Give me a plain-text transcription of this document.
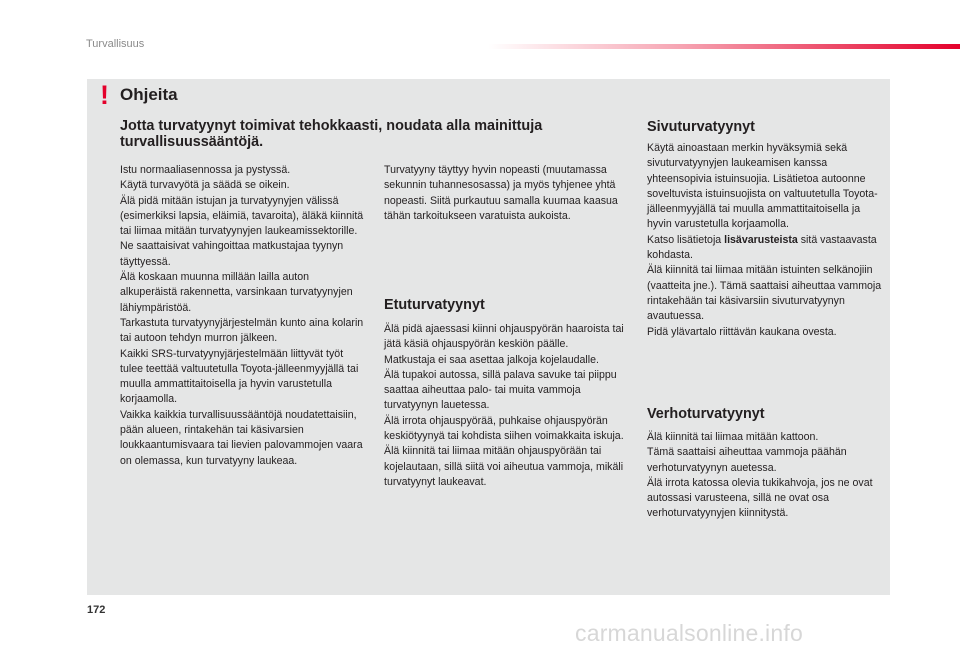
Turvallisuus
! Ohjeita
Jotta turvatyynyt toimivat tehokkaasti, noudata alla mainittuja turvallisuussääntöjä.
Istu normaaliasennossa ja pystyssä.
Käytä turvavyötä ja säädä se oikein.
Älä pidä mitään istujan ja turvatyynyjen välissä (esimerkiksi lapsia, eläimiä, tavaroita), äläkä kiinnitä tai liimaa mitään turvatyynyjen laukeamissektorille.
Ne saattaisivat vahingoittaa matkustajaa tyynyn täyttyessä.
Älä koskaan muunna millään lailla auton alkuperäistä rakennetta, varsinkaan turvatyynyjen lähiympäristöä.
Tarkastuta turvatyynyjärjestelmän kunto aina kolarin tai autoon tehdyn murron jälkeen.
Kaikki SRS-turvatyynyjärjestelmään liittyvät työt tulee teettää valtuutetulla Toyota-jälleenmyyjällä tai muulla ammattitaitoisella ja hyvin varustetulla korjaamolla.
Vaikka kaikkia turvallisuussääntöjä noudatettaisiin, pään alueen, rintakehän tai käsivarsien loukkaantumisvaara tai lievien palovammojen vaara on olemassa, kun turvatyyny laukeaa.
Turvatyyny täyttyy hyvin nopeasti (muutamassa sekunnin tuhannesosassa) ja myös tyhjenee yhtä nopeasti. Siitä purkautuu samalla kuumaa kaasua tähän tarkoitukseen varatuista aukoista.
Etuturvatyynyt
Älä pidä ajaessasi kiinni ohjauspyörän haaroista tai jätä käsiä ohjauspyörän keskiön päälle.
Matkustaja ei saa asettaa jalkoja kojelaudalle.
Älä tupakoi autossa, sillä palava savuke tai piippu saattaa aiheuttaa palo- tai muita vammoja turvatyynyn lauetessa.
Älä irrota ohjauspyörää, puhkaise ohjauspyörän keskiötyynyä tai kohdista siihen voimakkaita iskuja.
Älä kiinnitä tai liimaa mitään ohjauspyörään tai kojelautaan, sillä siitä voi aiheutua vammoja, mikäli turvatyynyt laukeavat.
Sivuturvatyynyt
Käytä ainoastaan merkin hyväksymiä sekä sivuturvatyynyjen laukeamisen kanssa yhteensopivia istuinsuojia. Lisätietoa autoonne soveltuvista istuinsuojista on valtuutetulla Toyota-jälleenmyyjällä tai muulla ammattitaitoisella ja hyvin varustetulla korjaamolla.
Katso lisätietoja lisävarusteista sitä vastaavasta kohdasta.
Älä kiinnitä tai liimaa mitään istuinten selkänojiin (vaatteita jne.). Tämä saattaisi aiheuttaa vammoja rintakehään tai käsivarsiin sivuturvatyynyn avautuessa.
Pidä ylävartalo riittävän kaukana ovesta.
Verhoturvatyynyt
Älä kiinnitä tai liimaa mitään kattoon.
Tämä saattaisi aiheuttaa vammoja päähän verhoturvatyynyn auetessa.
Älä irrota katossa olevia tukikahvoja, jos ne ovat autossasi varusteena, sillä ne ovat osa verhoturvatyynyjen kiinnitystä.
172
carmanualsonline.info
